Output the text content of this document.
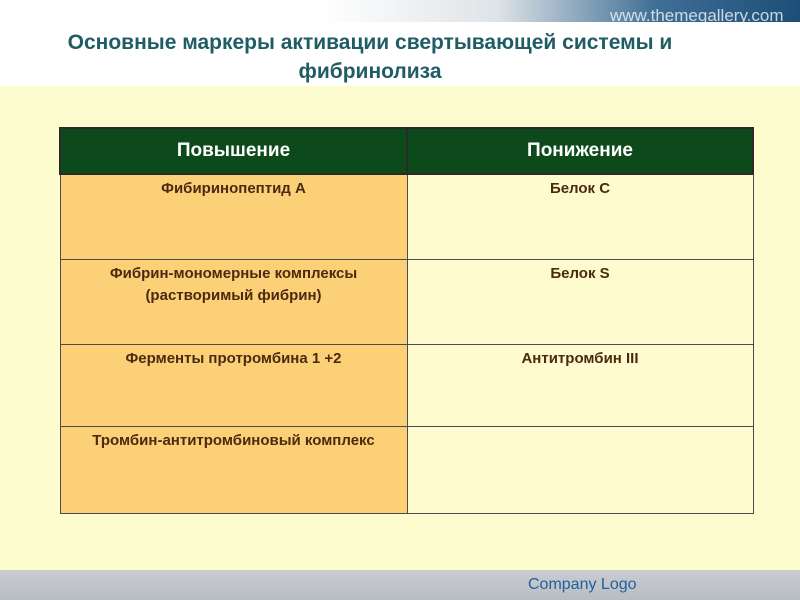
www.themegallery.com
Основные маркеры активации свертывающей системы и фибринолиза
Повышение	Понижение
Фибиринопептид А	Белок С
Фибрин-мономерные комплексы (растворимый фибрин)	Белок S
Ферменты протромбина 1 +2	Антитромбин III
Тромбин-антитромбиновый комплекс	
Company Logo
